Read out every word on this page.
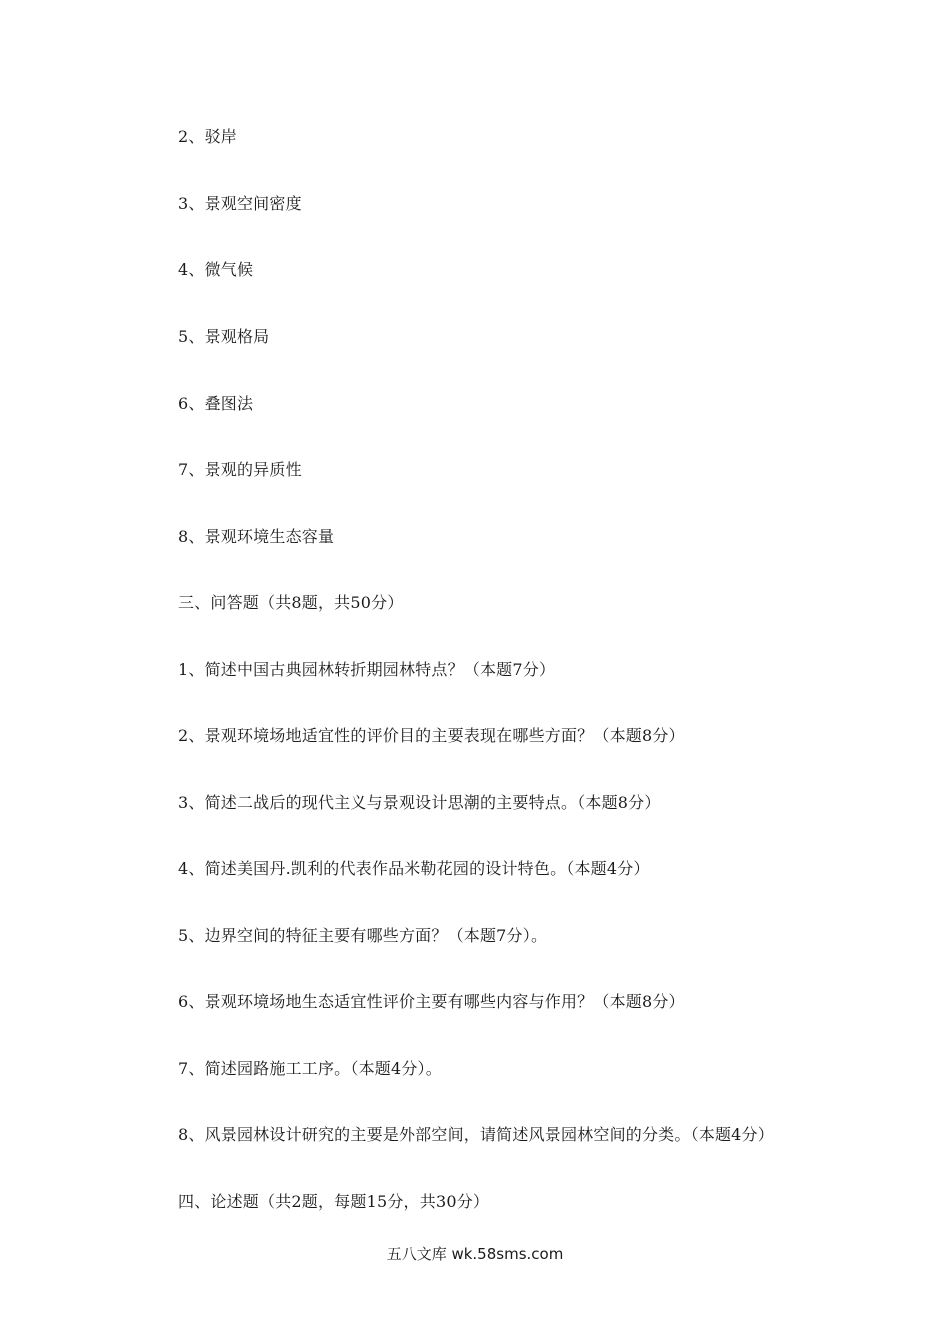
2、驳岸
3、景观空间密度
4、微气候
5、景观格局
6、叠图法
7、景观的异质性
8、景观环境生态容量
三、问答题（共8题，共50分）
1、简述中国古典园林转折期园林特点？（本题7分）
2、景观环境场地适宜性的评价目的主要表现在哪些方面？（本题8分）
3、简述二战后的现代主义与景观设计思潮的主要特点。（本题8分）
4、简述美国丹.凯利的代表作品米勒花园的设计特色。（本题4分）
5、边界空间的特征主要有哪些方面？（本题7分）。
6、景观环境场地生态适宜性评价主要有哪些内容与作用？（本题8分）
7、简述园路施工工序。（本题4分）。
8、风景园林设计研究的主要是外部空间，请简述风景园林空间的分类。（本题4分）
四、论述题（共2题，每题15分，共30分）
五八文库 wk.58sms.com
